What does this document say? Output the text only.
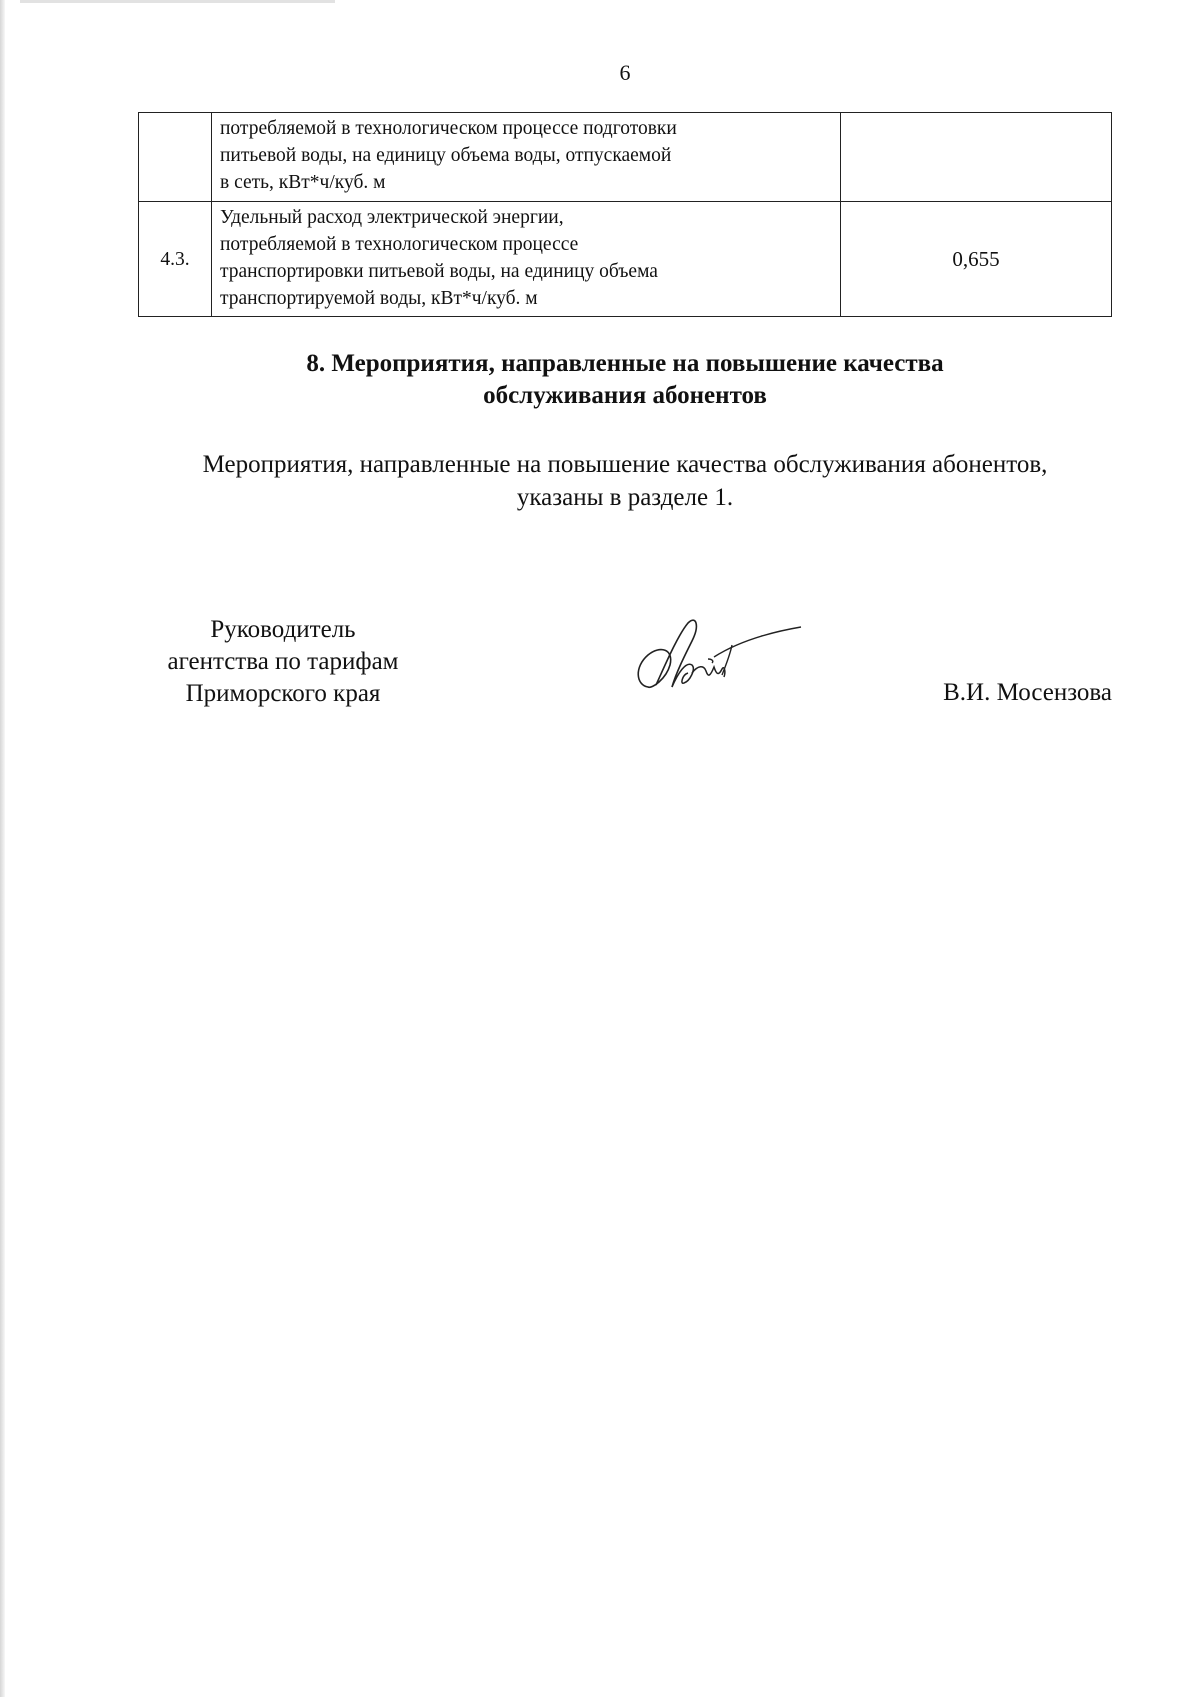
6

	потребляемой в технологическом процессе подготовки
питьевой воды, на единицу объема воды, отпускаемой
в сеть, кВт*ч/куб. м	

4.3.	Удельный расход электрической энергии,
потребляемой в технологическом процессе
транспортировки питьевой воды, на единицу объема
транспортируемой воды, кВт*ч/куб. м	0,655
8. Мероприятия, направленные на повышение качества
обслуживания абонентов
Мероприятия, направленные на повышение качества обслуживания абонентов,
указаны в разделе 1.
Руководитель
агентства по тарифам
Приморского края	В.И. Мосензова
